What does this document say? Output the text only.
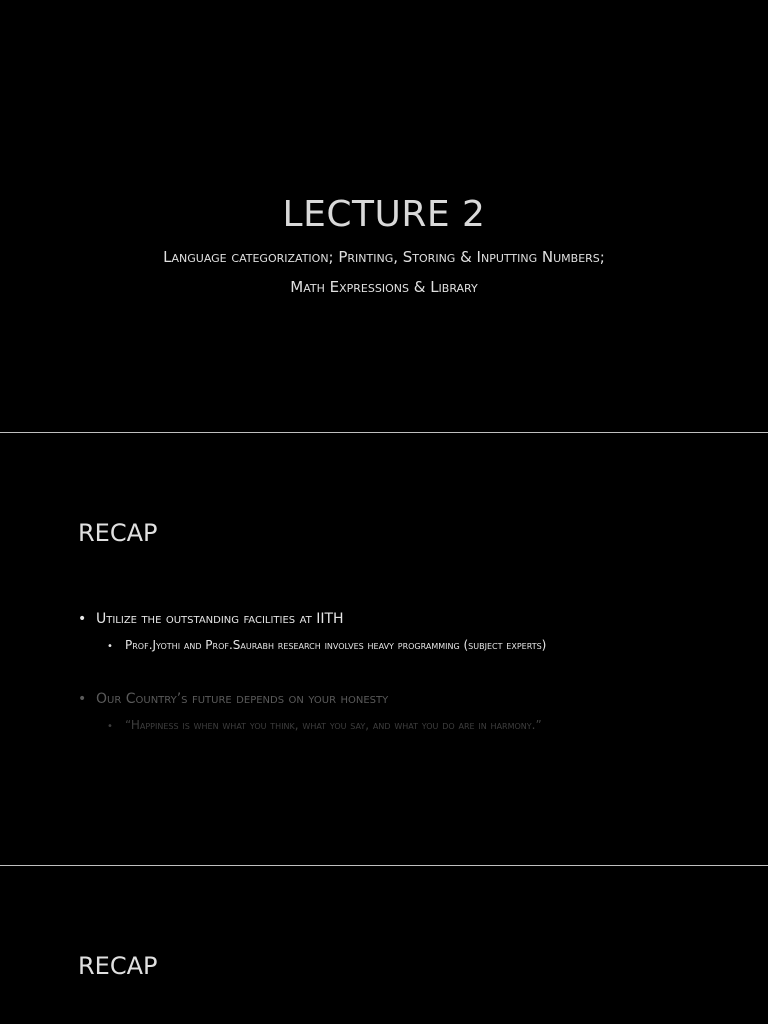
LECTURE 2

Language categorization; Printing, Storing & Inputting Numbers;

Math Expressions & Library

RECAP

• Utilize the outstanding facilities at IITH

• Prof.Jyothi and Prof.Saurabh research involves heavy programming (subject experts)

• Our Country’s future depends on your honesty

• “Happiness is when what you think, what you say, and what you do are in harmony.”

RECAP
